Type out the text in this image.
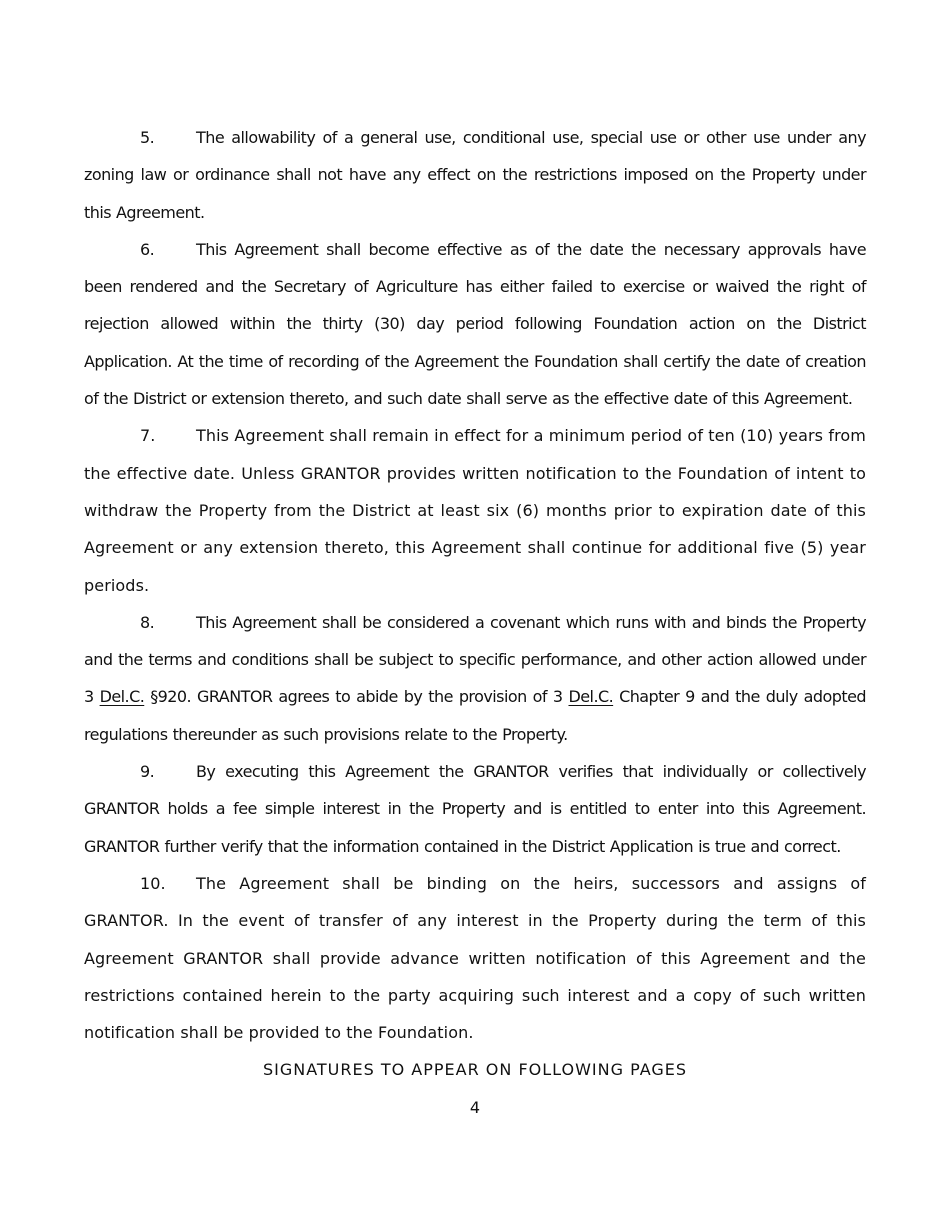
5.	The allowability of a general use, conditional use, special use or other use under any zoning law or ordinance shall not have any effect on the restrictions imposed on the Property under this Agreement.

6.	This Agreement shall become effective as of the date the necessary approvals have been rendered and the Secretary of Agriculture has either failed to exercise or waived the right of rejection allowed within the thirty (30) day period following Foundation action on the District Application. At the time of recording of the Agreement the Foundation shall certify the date of creation of the District or extension thereto, and such date shall serve as the effective date of this Agreement.

7.	This Agreement shall remain in effect for a minimum period of ten (10) years from the effective date. Unless GRANTOR provides written notification to the Foundation of intent to withdraw the Property from the District at least six (6) months prior to expiration date of this Agreement or any extension thereto, this Agreement shall continue for additional five (5) year periods.

8.	This Agreement shall be considered a covenant which runs with and binds the Property and the terms and conditions shall be subject to specific performance, and other action allowed under 3 Del.C. §920. GRANTOR agrees to abide by the provision of 3 Del.C. Chapter 9 and the duly adopted regulations thereunder as such provisions relate to the Property.

9.	By executing this Agreement the GRANTOR verifies that individually or collectively GRANTOR holds a fee simple interest in the Property and is entitled to enter into this Agreement. GRANTOR further verify that the information contained in the District Application is true and correct.

10. The Agreement shall be binding on the heirs, successors and assigns of GRANTOR. In the event of transfer of any interest in the Property during the term of this Agreement GRANTOR shall provide advance written notification of this Agreement and the restrictions contained herein to the party acquiring such interest and a copy of such written notification shall be provided to the Foundation.

SIGNATURES TO APPEAR ON FOLLOWING PAGES

4
